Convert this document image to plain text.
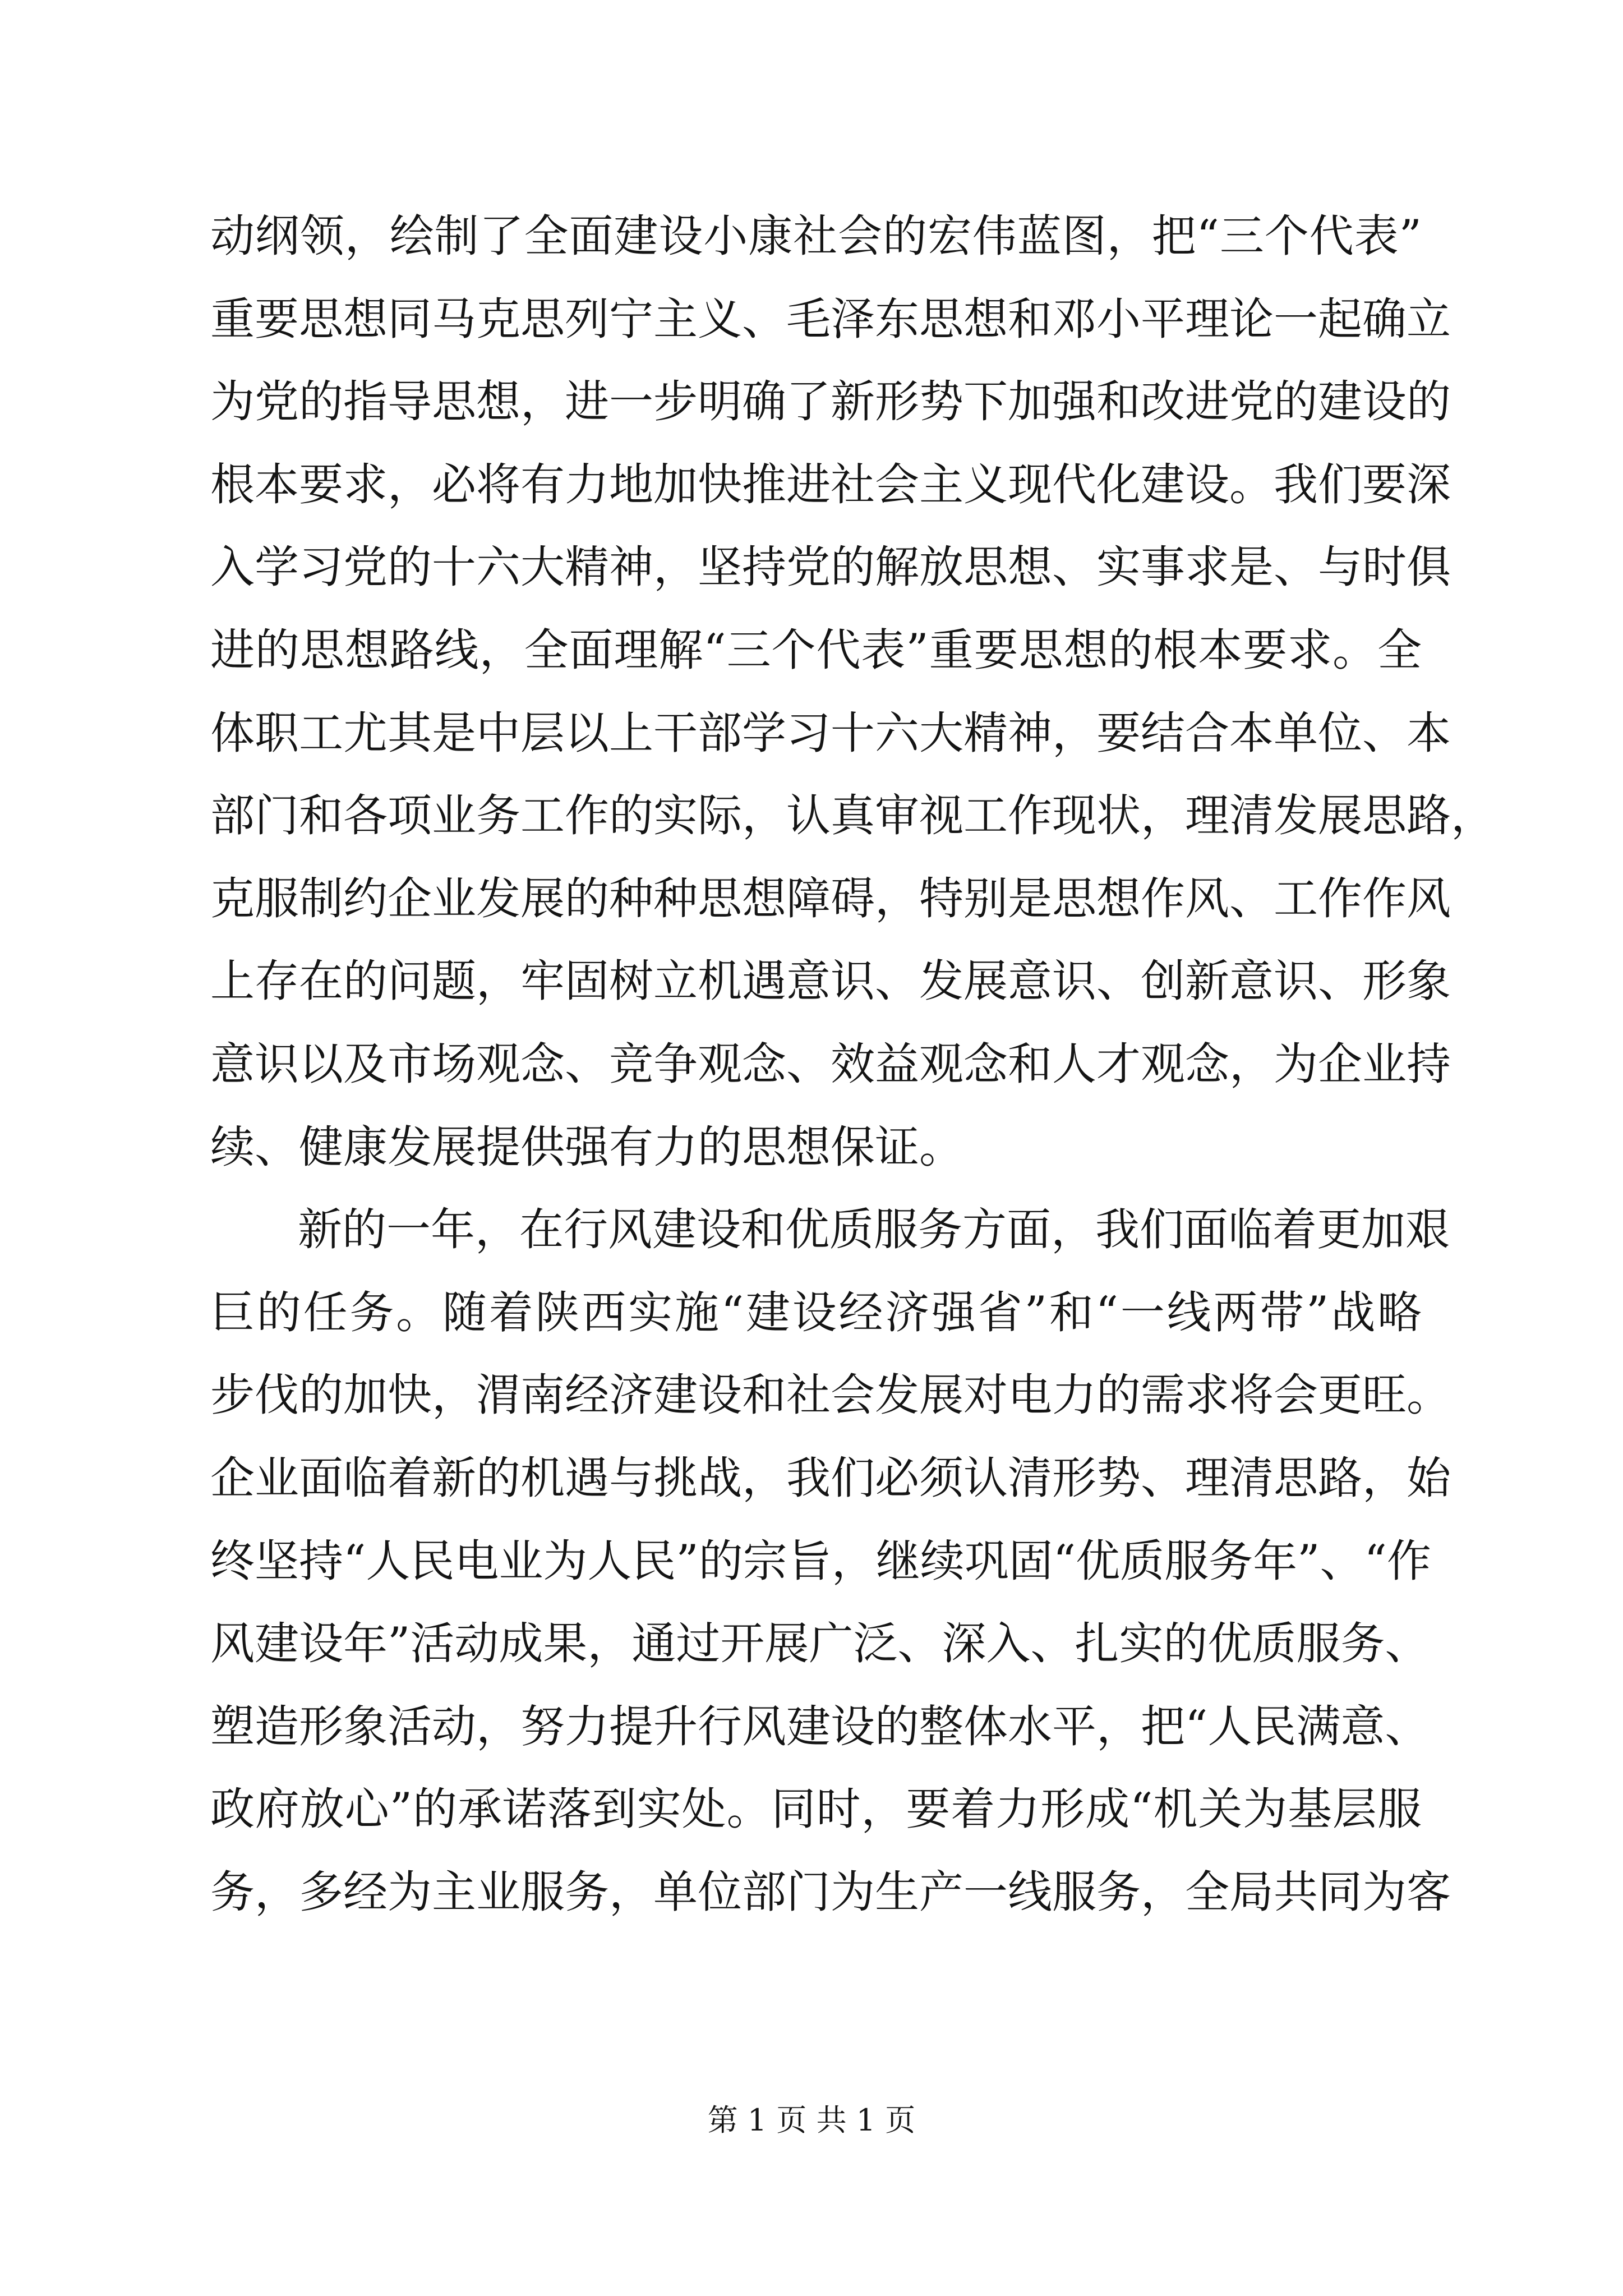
动纲领，绘制了全面建设小康社会的宏伟蓝图，把“三个代表”
重要思想同马克思列宁主义、毛泽东思想和邓小平理论一起确立
为党的指导思想，进一步明确了新形势下加强和改进党的建设的
根本要求，必将有力地加快推进社会主义现代化建设。我们要深
入学习党的十六大精神，坚持党的解放思想、实事求是、与时俱
进的思想路线，全面理解“三个代表”重要思想的根本要求。全
体职工尤其是中层以上干部学习十六大精神，要结合本单位、本
部门和各项业务工作的实际，认真审视工作现状，理清发展思路，
克服制约企业发展的种种思想障碍，特别是思想作风、工作作风
上存在的问题，牢固树立机遇意识、发展意识、创新意识、形象
意识以及市场观念、竞争观念、效益观念和人才观念，为企业持
续、健康发展提供强有力的思想保证。
新的一年，在行风建设和优质服务方面，我们面临着更加艰
巨的任务。随着陕西实施“建设经济强省”和“一线两带”战略
步伐的加快，渭南经济建设和社会发展对电力的需求将会更旺。
企业面临着新的机遇与挑战，我们必须认清形势、理清思路，始
终坚持“人民电业为人民”的宗旨，继续巩固“优质服务年”、“作
风建设年”活动成果，通过开展广泛、深入、扎实的优质服务、
塑造形象活动，努力提升行风建设的整体水平，把“人民满意、
政府放心”的承诺落到实处。同时，要着力形成“机关为基层服
务，多经为主业服务，单位部门为生产一线服务，全局共同为客
第 1 页 共 1 页
